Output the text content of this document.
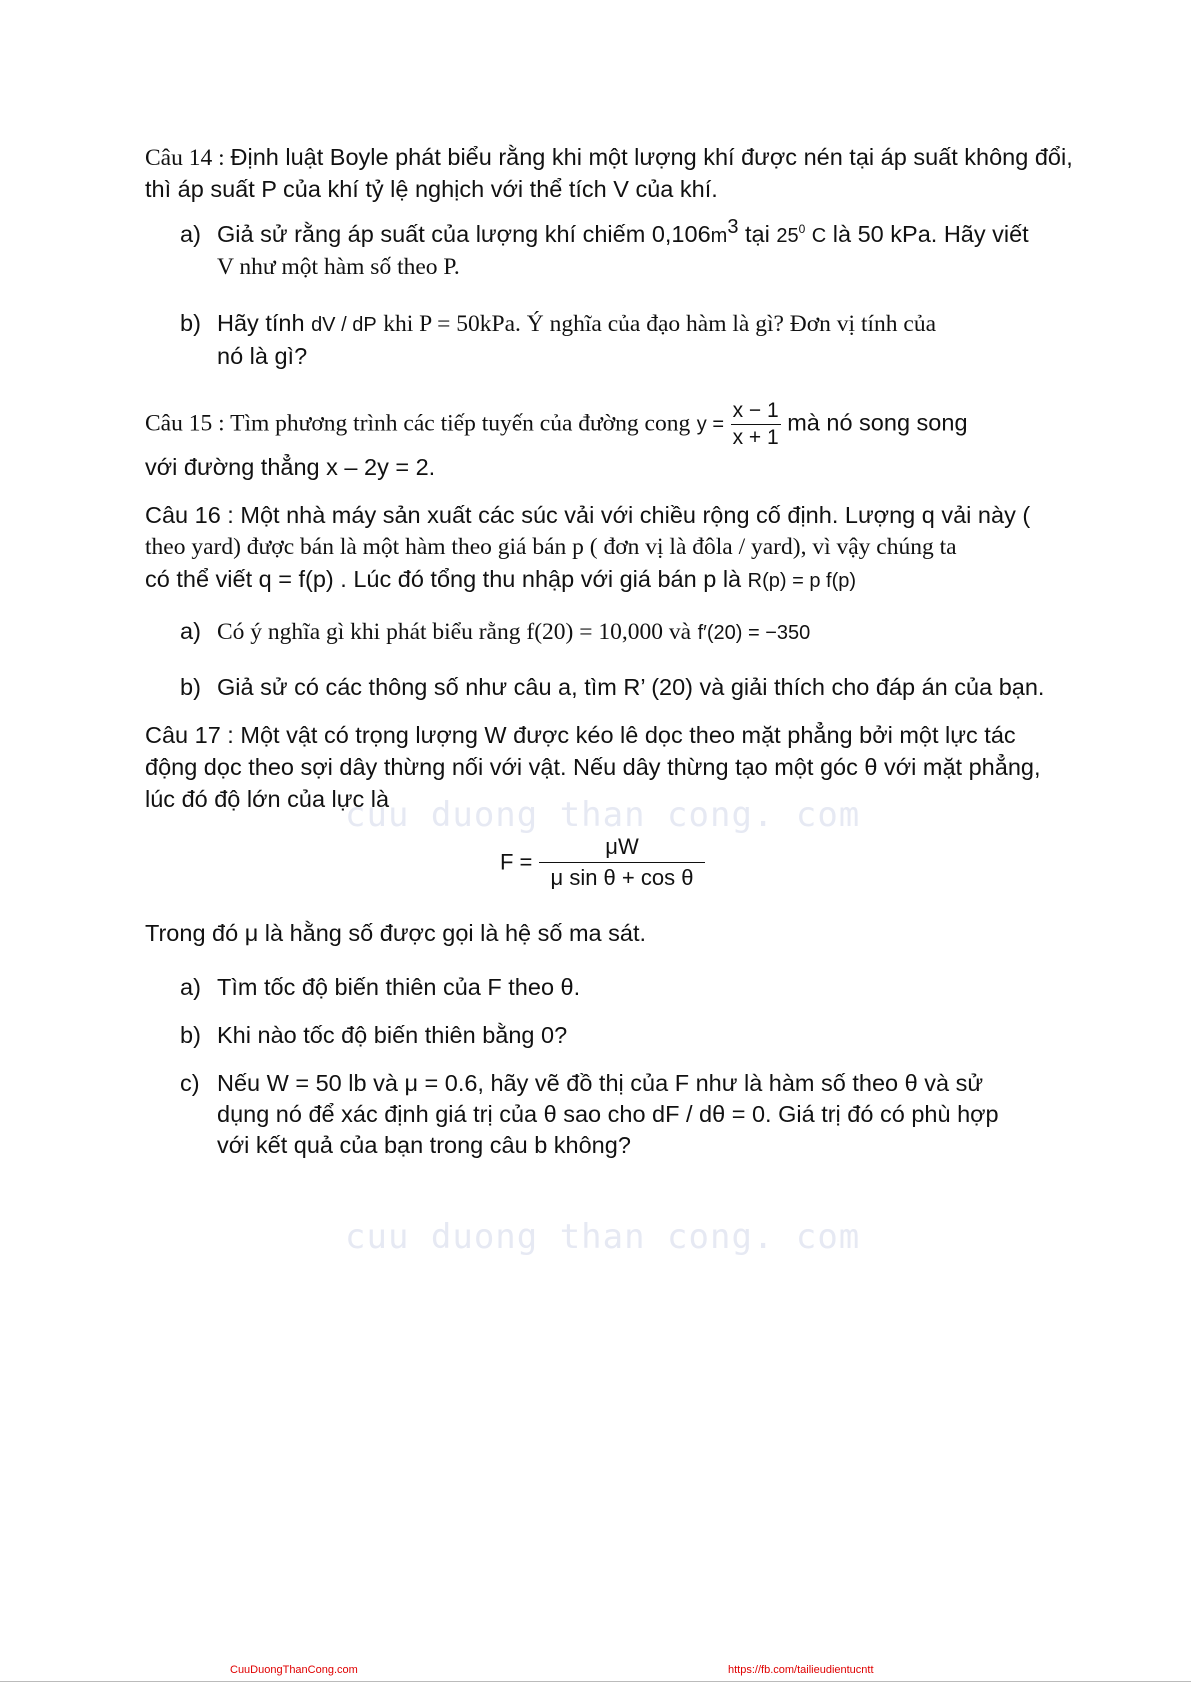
Câu 14 : Định luật Boyle phát biểu rằng khi một lượng khí được nén tại áp suất không đổi, thì áp suất P của khí tỷ lệ nghịch với thể tích V của khí.
a) Giả sử rằng áp suất của lượng khí chiếm $0,106m^3$ tại $25^0$ C là 50 kPa. Hãy viết
V như một hàm số theo P.
b) Hãy tính dV / dP khi P = 50kPa. Ý nghĩa của đạo hàm là gì? Đơn vị tính của
nó là gì?
Câu 15 : Tìm phương trình các tiếp tuyến của đường cong $y = \frac{x - 1}{x + 1}$ mà nó song song
với đường thẳng x – 2y = 2.
Câu 16 : Một nhà máy sản xuất các súc vải với chiều rộng cố định. Lượng q vải này (
theo yard) được bán là một hàm theo giá bán p ( đơn vị là đôla / yard), vì vậy chúng ta
có thể viết q = f(p) . Lúc đó tổng thu nhập với giá bán p là R(p) = p f(p)
a) Có ý nghĩa gì khi phát biểu rằng f(20) = 10,000 và f′(20) = −350
b) Giả sử có các thông số như câu a, tìm R’ (20) và giải thích cho đáp án của bạn.
Câu 17 : Một vật có trọng lượng W được kéo lê dọc theo mặt phẳng bởi một lực tác
động dọc theo sợi dây thừng nối với vật. Nếu dây thừng tạo một góc θ với mặt phẳng,
lúc đó độ lớn của lực là
$F = \frac{\mu W}{\text{μ sin θ + cos θ}}$
Trong đó μ là hằng số được gọi là hệ số ma sát.
a) Tìm tốc độ biến thiên của F theo θ.
b) Khi nào tốc độ biến thiên bằng 0?
c) Nếu W = 50 lb và μ = 0.6, hãy vẽ đồ thị của F như là hàm số theo θ và sử
dụng nó để xác định giá trị của θ sao cho dF / dθ = 0. Giá trị đó có phù hợp
với kết quả của bạn trong câu b không?
cuu duong than cong. com
cuu duong than cong. com
CuuDuongThanCong.com	https://fb.com/tailieudientucntt
